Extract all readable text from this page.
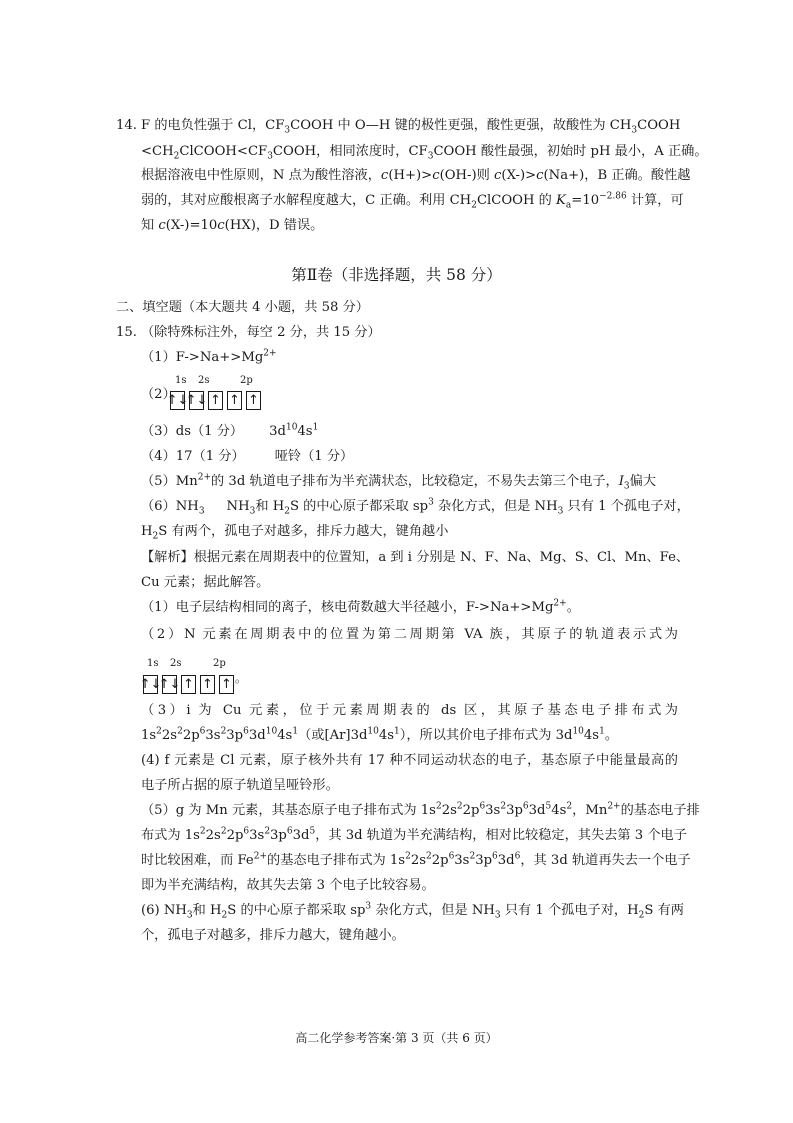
14. F 的电负性强于 Cl，$CF_3COOH$ 中 O—H 键的极性更强，酸性更强，故酸性为 $CH_3COOH$
$<CH_2ClCOOH<CF_3COOH$，相同浓度时，$CF_3COOH$ 酸性最强，初始时 pH 最小，A 正确。
根据溶液电中性原则，N 点为酸性溶液，c(H+)>c(OH-)则 c(X-)>c(Na+)，B 正确。酸性越
弱的，其对应酸根离子水解程度越大，C 正确。利用 $CH_2ClCOOH$ 的 $K_a=10^{-2.86}$ 计算，可
知 c(X-)=10c(HX)，D 错误。
第Ⅱ卷（非选择题，共 58 分）
二、填空题（本大题共 4 小题，共 58 分）
15. （除特殊标注外，每空 2 分，共 15 分）
$(1)F->Na+>Mg^{2+}$
（2）
1s 2s	2p
↑↓
↑↓ ↑ ↑ ↑
（3）ds（1 分） $3d^{10}4s^1$
（4）17（1 分） 哑铃（1 分）
$(5)Mn^{2+}$的 3d 轨道电子排布为半充满状态，比较稳定，不易失去第三个电子，$I_3$偏大
$(6)NH_3$ $NH_3$和 $H_2S$ 的中心原子都采取 $sp^3$ 杂化方式，但是 $NH_3$ 只有 1 个孤电子对，
$H_2S$ 有两个，孤电子对越多，排斥力越大，键角越小
【解析】根据元素在周期表中的位置知，a 到 i 分别是 N、F、Na、Mg、S、Cl、Mn、Fe、
Cu 元素；据此解答。
（1）电子层结构相同的离子，核电荷数越大半径越小，$F->Na+>Mg^{2+}$。
（2）N 元素在周期表中的位置为第二周期第 VA 族，其原子的轨道表示式为
1s 2s	2p
↑↓
↑↓ ↑ ↑ ↑ 。
（3）i 为 Cu 元素，位于元素周期表的 ds 区，其原子基态电子排布式为
$1s^22s^22p^63s^23p^63d^{10}4s^1$（或$[Ar]3d^{10}4s^1$），所以其价电子排布式为 $3d^{10}4s^1$。
(4) f 元素是 Cl 元素，原子核外共有 17 种不同运动状态的电子，基态原子中能量最高的
电子所占据的原子轨道呈哑铃形。
（5）g 为 Mn 元素，其基态原子电子排布式为 $1s^22s^22p^63s^23p^63d^54s^2$，$Mn^{2+}$的基态电子排
布式为 $1s^22s^22p^63s^23p^63d^5$，其 3d 轨道为半充满结构，相对比较稳定，其失去第 3 个电子
时比较困难，而 $Fe^{2+}$的基态电子排布式为 $1s^22s^22p^63s^23p^63d^6$，其 3d 轨道再失去一个电子
即为半充满结构，故其失去第 3 个电子比较容易。
(6) $NH_3$和 $H_2S$ 的中心原子都采取 $sp^3$ 杂化方式，但是 $NH_3$ 只有 1 个孤电子对，$H_2S$ 有两
个，孤电子对越多，排斥力越大，键角越小。
高二化学参考答案·第 3 页（共 6 页）
